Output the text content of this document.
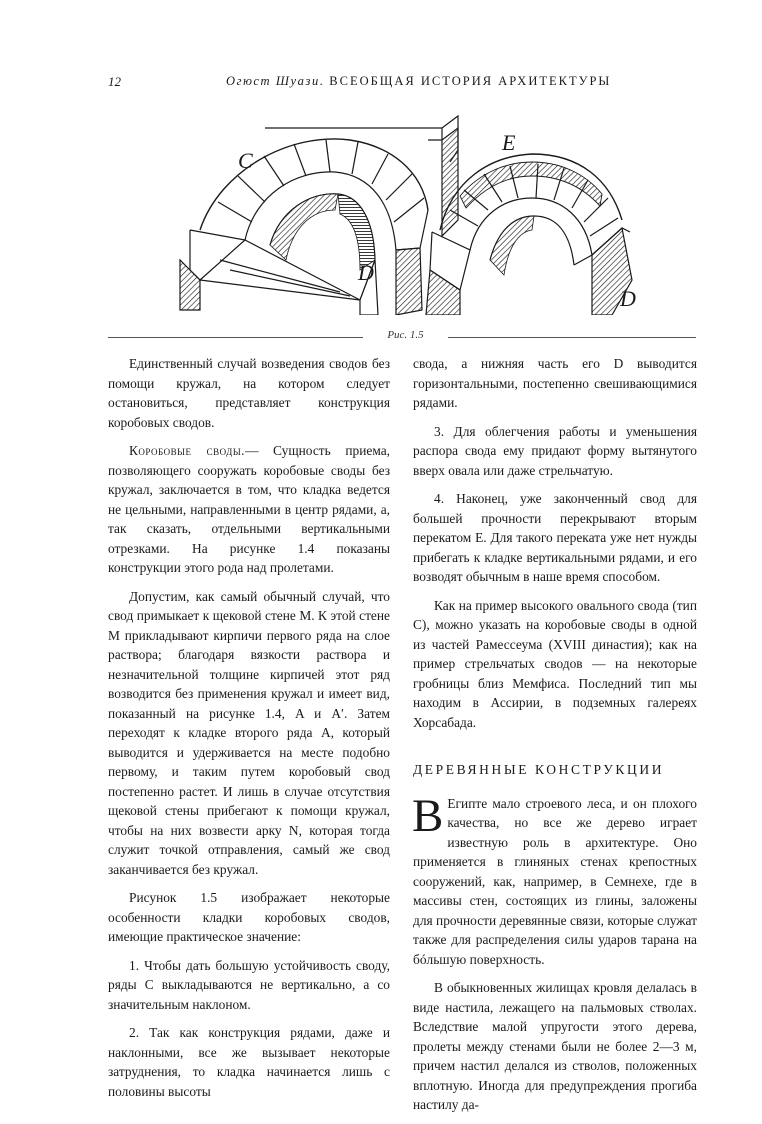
12	Огюст Шуази. ВСЕОБЩАЯ ИСТОРИЯ АРХИТЕКТУРЫ
C
D
E
D
Рис. 1.5

Единственный случай возведения сводов без помощи кружал, на котором следует остановиться, представляет конструкция коробовых сводов.

Коробовые своды.— Сущность приема, позволяющего сооружать коробовые своды без кружал, заключается в том, что кладка ведется не цельными, направленными в центр рядами, а, так сказать, отдельными вертикальными отрезками. На рисунке 1.4 показаны конструкции этого рода над пролетами.

Допустим, как самый обычный случай, что свод примыкает к щековой стене M. К этой стене M прикладывают кирпичи первого ряда на слое раствора; благодаря вязкости раствора и незначительной толщине кирпичей этот ряд возводится без применения кружал и имеет вид, показанный на рисунке 1.4, A и A′. Затем переходят к кладке второго ряда A, который выводится и удерживается на месте подобно первому, и таким путем коробовый свод постепенно растет. И лишь в случае отсутствия щековой стены прибегают к помощи кружал, чтобы на них возвести арку N, которая тогда служит точкой отправления, самый же свод заканчивается без кружал.

Рисунок 1.5 изображает некоторые особенности кладки коробовых сводов, имеющие практическое значение:

1. Чтобы дать большую устойчивость своду, ряды C выкладываются не вертикально, а со значительным наклоном.

2. Так как конструкция рядами, даже и наклонными, все же вызывает некоторые затруднения, то кладка начинается лишь с половины высоты

свода, а нижняя часть его D выводится горизонтальными, постепенно свешивающимися рядами.

3. Для облегчения работы и уменьшения распора свода ему придают форму вытянутого вверх овала или даже стрельчатую.

4. Наконец, уже законченный свод для большей прочности перекрывают вторым перекатом E. Для такого переката уже нет нужды прибегать к кладке вертикальными рядами, и его возводят обычным в наше время способом.

Как на пример высокого овального свода (тип C), можно указать на коробовые своды в одной из частей Рамессеума (XVIII династия); как на пример стрельчатых сводов — на некоторые гробницы близ Мемфиса. Последний тип мы находим в Ассирии, в подземных галереях Хорсабада.

ДЕРЕВЯННЫЕ КОНСТРУКЦИИ

В Египте мало строевого леса, и он плохого качества, но все же дерево играет известную роль в архитектуре. Оно применяется в глиняных стенах крепостных сооружений, как, например, в Семнехе, где в массивы стен, состоящих из глины, заложены для прочности деревянные связи, которые служат также для распределения силы ударов тарана на бóльшую поверхность.

В обыкновенных жилищах кровля делалась в виде настила, лежащего на пальмовых стволах. Вследствие малой упругости этого дерева, пролеты между стенами были не более 2—3 м, причем настил делался из стволов, положенных вплотную. Иногда для предупреждения прогиба настилу да-
